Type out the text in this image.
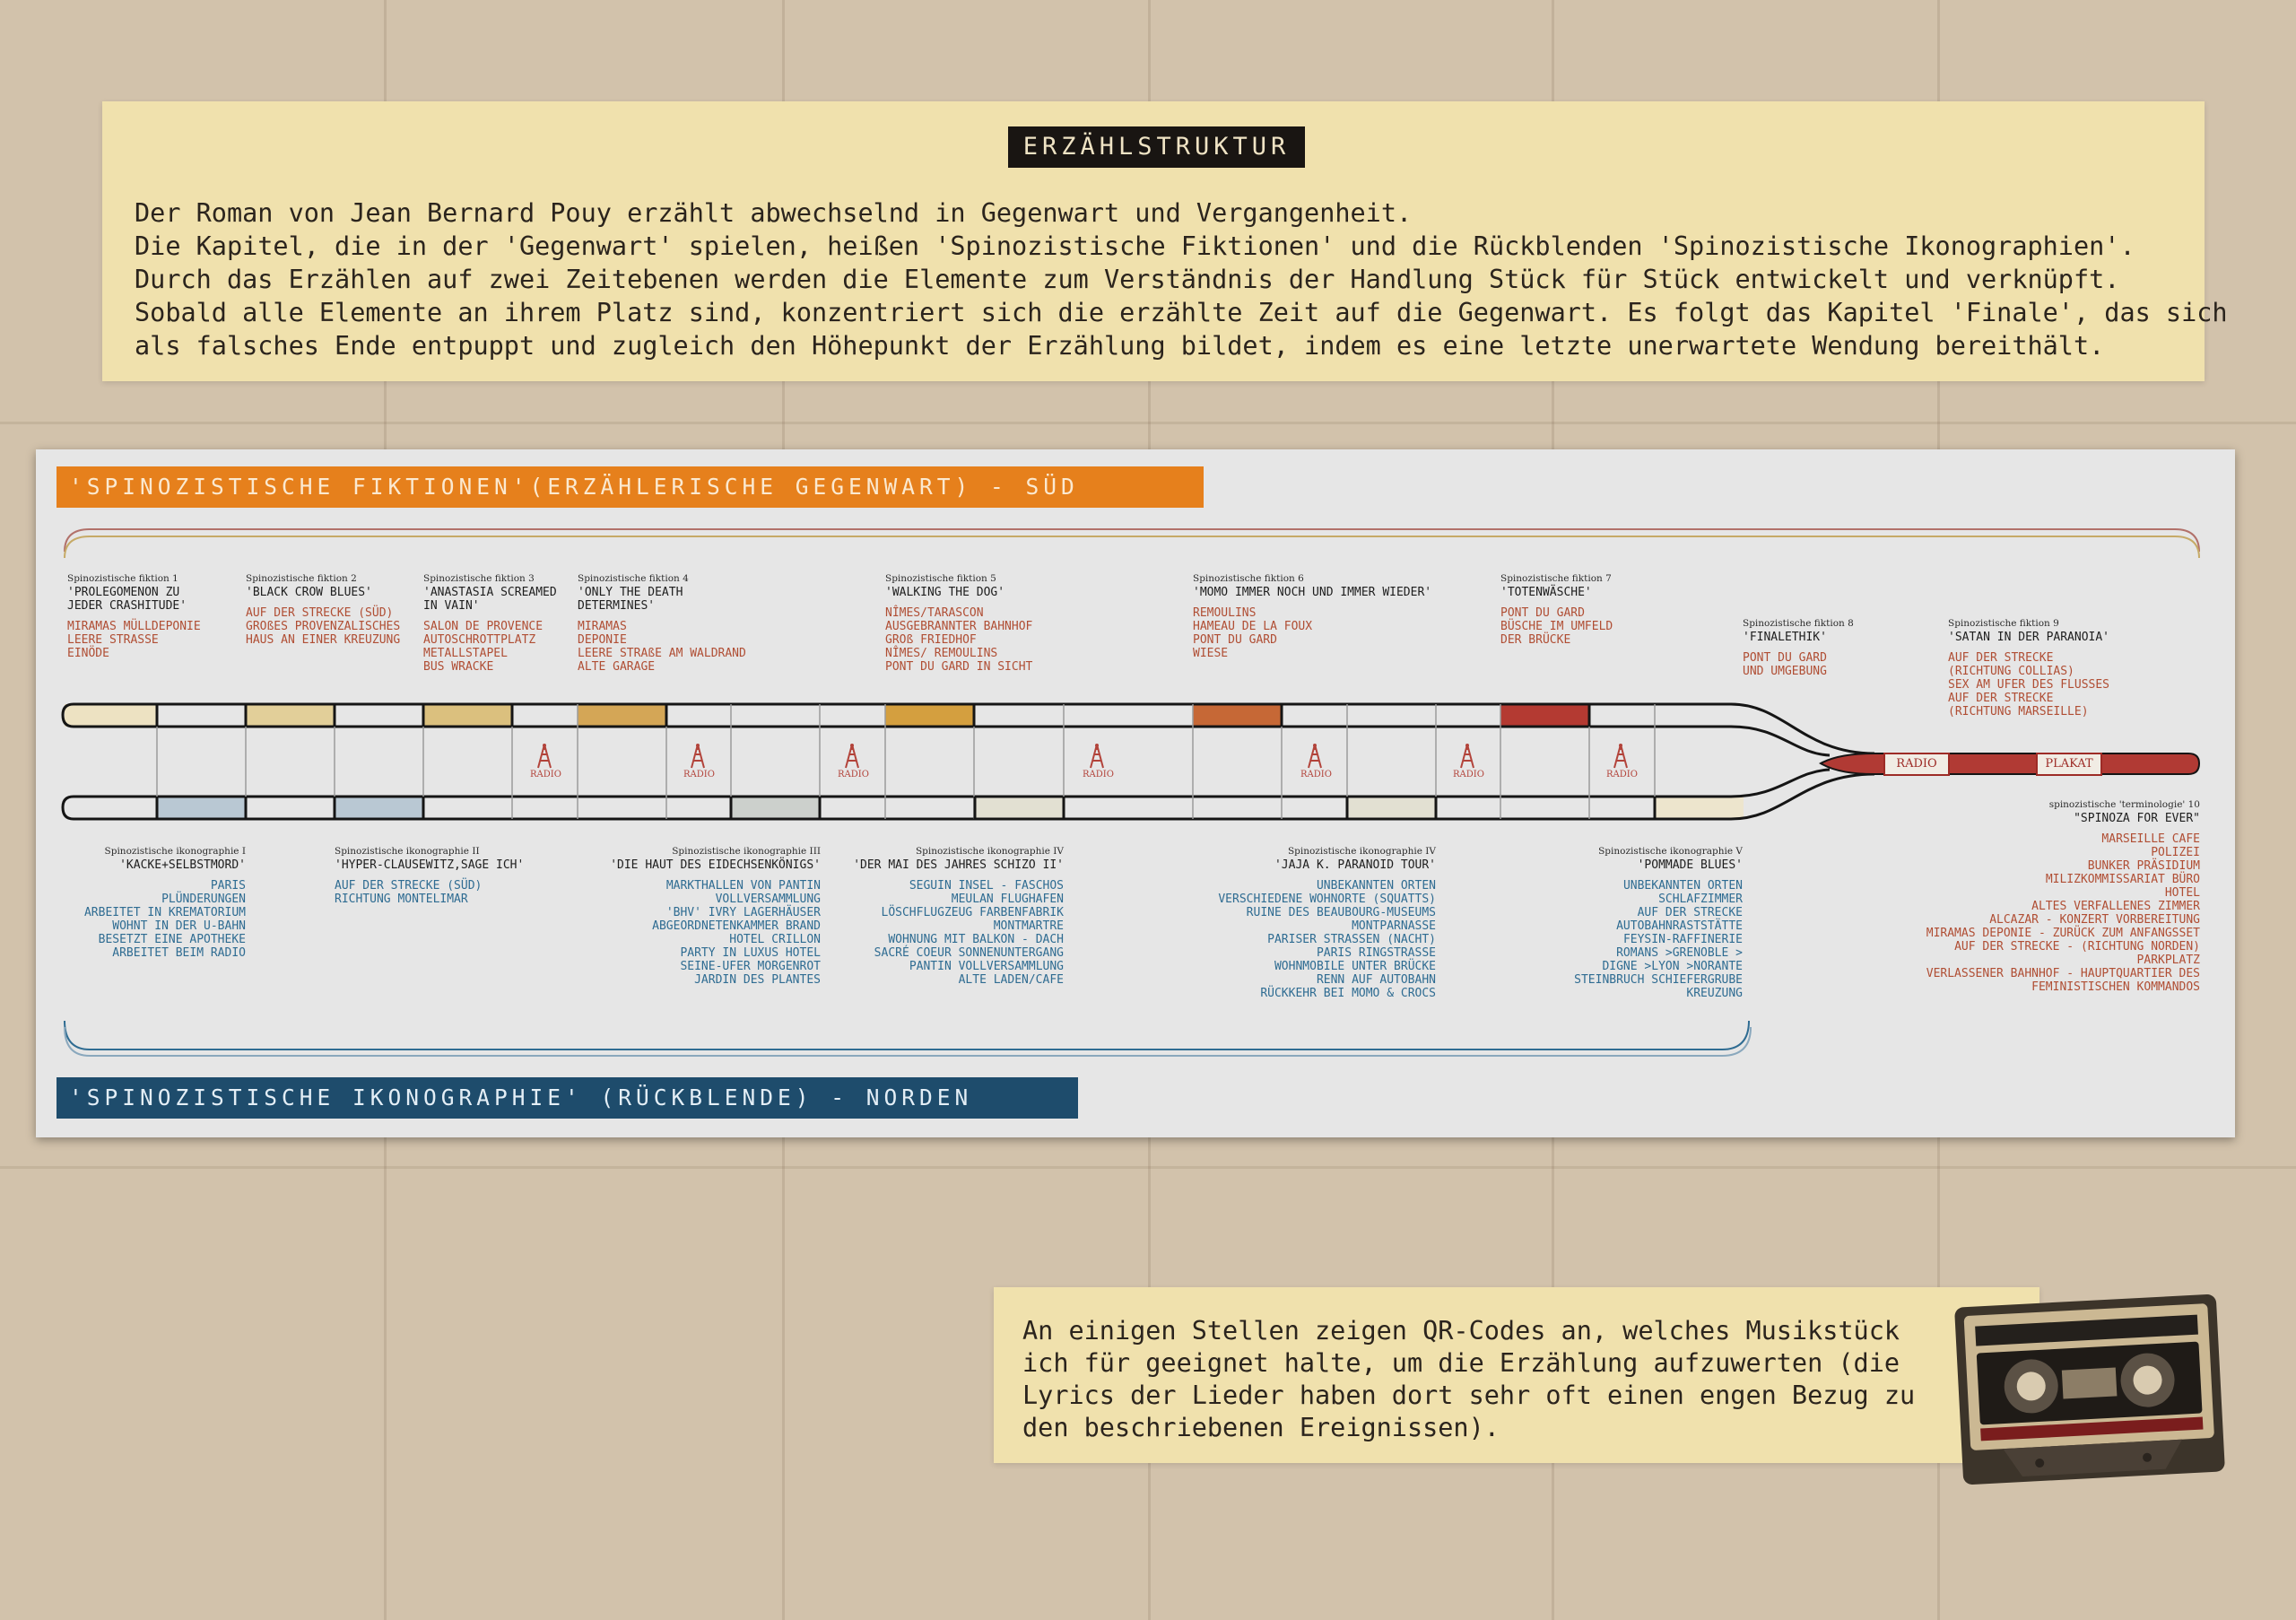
ERZÄHLSTRUKTUR

Der Roman von Jean Bernard Pouy erzählt abwechselnd in Gegenwart und Vergangenheit.

Die Kapitel, die in der 'Gegenwart' spielen, heißen 'Spinozistische Fiktionen' und die Rückblenden 'Spinozistische Ikonographien'.

Durch das Erzählen auf zwei Zeitebenen werden die Elemente zum Verständnis der Handlung Stück für Stück entwickelt und verknüpft.

Sobald alle Elemente an ihrem Platz sind, konzentriert sich die erzählte Zeit auf die Gegenwart. Es folgt das Kapitel 'Finale', das sich

als falsches Ende entpuppt und zugleich den Höhepunkt der Erzählung bildet, indem es eine letzte unerwartete Wendung bereithält.

'SPINOZISTISCHE FIKTIONEN'(ERZÄHLERISCHE GEGENWART) - SÜD
'SPINOZISTISCHE IKONOGRAPHIE' (RÜCKBLENDE) - NORDEN
Spinozistische fiktion 1
'PROLEGOMENON ZU
JEDER CRASHITUDE'
MIRAMAS MÜLLDEPONIE
LEERE STRASSE
EINÖDE
Spinozistische fiktion 2
'BLACK CROW BLUES'
AUF DER STRECKE (SÜD)
GROßES PROVENZALISCHES
HAUS AN EINER KREUZUNG
Spinozistische fiktion 3
'ANASTASIA SCREAMED
IN VAIN'
SALON DE PROVENCE
AUTOSCHROTTPLATZ
METALLSTAPEL
BUS WRACKE
Spinozistische fiktion 4
'ONLY THE DEATH
DETERMINES'
MIRAMAS
DEPONIE
LEERE STRAßE AM WALDRAND
ALTE GARAGE
Spinozistische fiktion 5
'WALKING THE DOG'
NÎMES/TARASCON
AUSGEBRANNTER BAHNHOF
GROß FRIEDHOF
NÎMES/ REMOULINS
PONT DU GARD IN SICHT
Spinozistische fiktion 6
'MOMO IMMER NOCH UND IMMER WIEDER'
REMOULINS
HAMEAU DE LA FOUX
PONT DU GARD
WIESE
Spinozistische fiktion 7
'TOTENWÄSCHE'
PONT DU GARD
BÜSCHE IM UMFELD
DER BRÜCKE
Spinozistische fiktion 8
'FINALETHIK'
PONT DU GARD
UND UMGEBUNG
Spinozistische fiktion 9
'SATAN IN DER PARANOIA'
AUF DER STRECKE
(RICHTUNG COLLIAS)
SEX AM UFER DES FLUSSES
AUF DER STRECKE
(RICHTUNG MARSEILLE)
RADIO	RADIO	RADIO	RADIO	RADIO	RADIO	RADIO
RADIO	PLAKAT
Spinozistische ikonographie I
'KACKE+SELBSTMORD'
PARIS
PLÜNDERUNGEN
ARBEITET IN KREMATORIUM
WOHNT IN DER U-BAHN
BESETZT EINE APOTHEKE
ARBEITET BEIM RADIO
Spinozistische ikonographie II
'HYPER-CLAUSEWITZ,SAGE ICH'
AUF DER STRECKE (SÜD)
RICHTUNG MONTELIMAR
Spinozistische ikonographie III
'DIE HAUT DES EIDECHSENKÖNIGS'
MARKTHALLEN VON PANTIN
VOLLVERSAMMLUNG
'BHV' IVRY LAGERHÄUSER
ABGEORDNETENKAMMER BRAND
HOTEL CRILLON
PARTY IN LUXUS HOTEL
SEINE-UFER MORGENROT
JARDIN DES PLANTES
Spinozistische ikonographie IV
'DER MAI DES JAHRES SCHIZO II'
SEGUIN INSEL - FASCHOS
MEULAN FLUGHAFEN
LÖSCHFLUGZEUG FARBENFABRIK
MONTMARTRE
WOHNUNG MIT BALKON - DACH
SACRÉ COEUR SONNENUNTERGANG
PANTIN VOLLVERSAMMLUNG
ALTE LADEN/CAFE
Spinozistische ikonographie IV
'JAJA K. PARANOID TOUR'
UNBEKANNTEN ORTEN
VERSCHIEDENE WOHNORTE (SQUATTS)
RUINE DES BEAUBOURG-MUSEUMS
MONTPARNASSE
PARISER STRASSEN (NACHT)
PARIS RINGSTRASSE
WOHNMOBILE UNTER BRÜCKE
RENN AUF AUTOBAHN
RÜCKKEHR BEI MOMO & CROCS
Spinozistische ikonographie V
'POMMADE BLUES'
UNBEKANNTEN ORTEN
SCHLAFZIMMER
AUF DER STRECKE
AUTOBAHNRASTSTÄTTE
FEYSIN-RAFFINERIE
ROMANS >GRENOBLE >
DIGNE >LYON >NORANTE
STEINBRUCH SCHIEFERGRUBE
KREUZUNG
spinozistische 'terminologie' 10
"SPINOZA FOR EVER"
MARSEILLE CAFE
POLIZEI
BUNKER PRÄSIDIUM
MILIZKOMMISSARIAT BÜRO
HOTEL
ALTES VERFALLENES ZIMMER
ALCAZAR - KONZERT VORBEREITUNG
MIRAMAS DEPONIE - ZURÜCK ZUM ANFANGSSET
AUF DER STRECKE - (RICHTUNG NORDEN)
PARKPLATZ
VERLASSENER BAHNHOF - HAUPTQUARTIER DES
FEMINISTISCHEN KOMMANDOS

An einigen Stellen zeigen QR-Codes an, welches Musikstück

ich für geeignet halte, um die Erzählung aufzuwerten (die

Lyrics der Lieder haben dort sehr oft einen engen Bezug zu

den beschriebenen Ereignissen).
